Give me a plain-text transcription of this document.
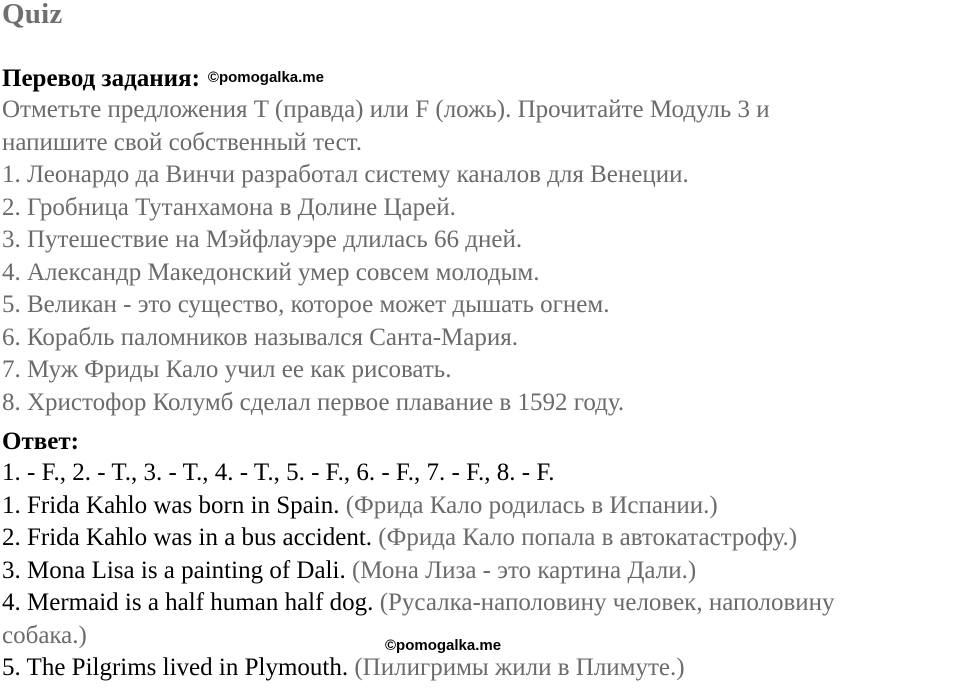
Quiz
Перевод задания: ©pomogalka.me
Отметьте предложения T (правда) или F (ложь). Прочитайте Модуль 3 и
напишите свой собственный тест.
1. Леонардо да Винчи разработал систему каналов для Венеции.
2. Гробница Тутанхамона в Долине Царей.
3. Путешествие на Мэйфлауэре длилась 66 дней.
4. Александр Македонский умер совсем молодым.
5. Великан - это существо, которое может дышать огнем.
6. Корабль паломников назывался Санта-Мария.
7. Муж Фриды Кало учил ее как рисовать.
8. Христофор Колумб сделал первое плавание в 1592 году.
Ответ:
1. - F., 2. - T., 3. - T., 4. - T., 5. - F., 6. - F., 7. - F., 8. - F.
1. Frida Kahlo was born in Spain. (Фрида Кало родилась в Испании.)
2. Frida Kahlo was in a bus accident. (Фрида Кало попала в автокатастрофу.)
3. Mona Lisa is a painting of Dali. (Мона Лиза - это картина Дали.)
4. Mermaid is a half human half dog. (Русалка-наполовину человек, наполовину
собака.)
5. The Pilgrims lived in Plymouth. (Пилигримы жили в Плимуте.)
©pomogalka.me
